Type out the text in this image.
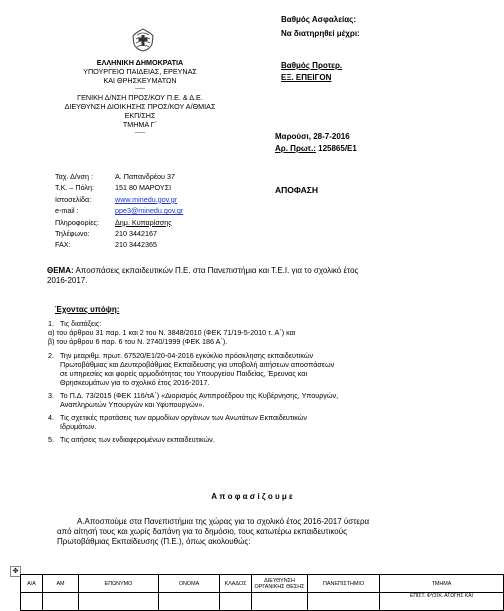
Βαθμός Ασφαλείας:
Να διατηρηθεί μέχρι:
Βαθμός Προτερ.
ΕΞ. ΕΠΕΙΓΟΝ
ΕΛΛΗΝΙΚΗ ΔΗΜΟΚΡΑΤΙΑ
ΥΠΟΥΡΓΕΙΟ ΠΑΙΔΕΙΑΣ, ΕΡΕΥΝΑΣ
ΚΑΙ ΘΡΗΣΚΕΥΜΑΤΩΝ
-----
ΓΕΝΙΚΗ Δ/ΝΣΗ ΠΡΟΣ/ΚΟΥ Π.Ε. & Δ.Ε.
ΔΙΕΥΘΥΝΣΗ ΔΙΟΙΚΗΣΗΣ ΠΡΟΣ/ΚΟΥ Α/ΘΜΙΑΣ
ΕΚΠ/ΣΗΣ
ΤΜΗΜΑ Γ΄
-----	Μαρούσι, 28-7-2016
Αρ. Πρωτ.: 125865/Ε1
ΑΠΟΦΑΣΗ
Ταχ. Δ/νση :	Α. Παπανδρέου 37
Τ.Κ. – Πόλη:	151 80 ΜΑΡΟΥΣΙ
Ιστοσελίδα:	www.minedu.gov.gr
e-mail :	ppe3@minedu.gov.gr
Πληροφορίες:	Δημ. Κυπαρίσσης
Τηλέφωνο:	210 3442167
FAX:	210 3442365
ΘΕΜΑ: Αποσπάσεις εκπαιδευτικών Π.Ε. στα Πανεπιστήμια και Τ.Ε.Ι. για το σχολικό έτος
2016-2017.
Έχοντας υπόψη:
1. Τις διατάξεις:
α) του άρθρου 31 παρ. 1 και 2 του Ν. 3848/2010 (ΦΕΚ 71/19-5-2010 τ. Α΄) και
β) του άρθρου 6 παρ. 6 του Ν. 2740/1999 (ΦΕΚ 186 Α΄).
2. Την μεαριθμ. πρωτ. 67520/Ε1/20-04-2016 εγκύκλιο πρόσκλησης εκπαιδευτικών
Πρωτοβάθμιας και Δευτεροβάθμιας Εκπαίδευσης για υποβολή αιτήσεων αποσπάσεων
σε υπηρεσίες και φορείς αρμοδιότητας του Υπουργείου Παιδείας, Έρευνας και
Θρησκευμάτων για το σχολικό έτος 2016-2017.
3. Το Π.Δ. 73/2015 (ΦΕΚ 116/τΑ΄) «Διορισμός Αντιπροέδρου της Κυβέρνησης, Υπουργών,
Αναπληρωτών Υπουργών και Υφυπουργών».
4. Τις σχετικές προτάσεις των αρμοδίων οργάνων των Ανωτάτων Εκπαιδευτικών
Ιδρυμάτων.
5. Τις αιτήσεις των ενδιαφερομένων εκπαιδευτικών.
Α π ο φ α σ ί ζ ο υ μ ε
Α.Αποσπούμε στα Πανεπιστήμια της χώρας για το σχολικό έτος 2016-2017 ύστερα
από αίτησή τους και χωρίς δαπάνη για το δημόσιο, τους κατωτέρω εκπαιδευτικούς
Πρωτοβάθμιας Εκπαίδευσης (Π.Ε.), όπως ακολουθώς:
✥
Α/Α	ΑΜ	ΕΠΩΝΥΜΟ	ΟΝΟΜΑ	ΚΛΑΔΟΣ	ΔΙΕΥΘΥΝΣΗ ΟΡΓΑΝΙΚΗΣ ΘΕΣΗΣ	ΠΑΝΕΠΙΣΤΗΜΙΟ	ΤΜΗΜΑ
							ΕΠΙΣΤ. ΦΥΣΙΚ. ΑΓΩΓΗΣ ΚΑΙ
